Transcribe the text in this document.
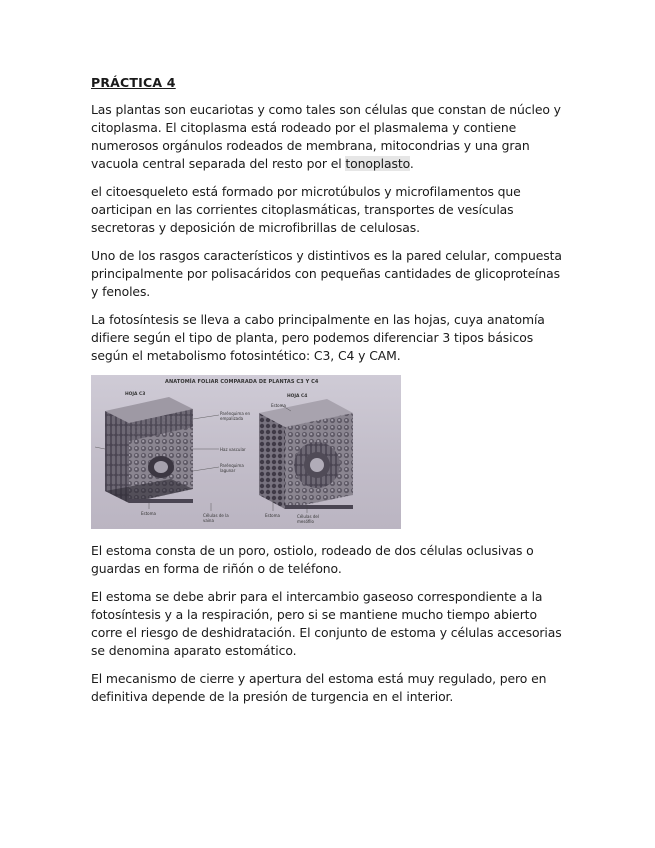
PRÁCTICA 4

Las plantas son eucariotas y como tales son células que constan de núcleo y citoplasma. El citoplasma está rodeado por el plasmalema y contiene numerosos orgánulos rodeados de membrana, mitocondrias y una gran vacuola central separada del resto por el tonoplasto.

el citoesqueleto está formado por microtúbulos y microfilamentos que oarticipan en las corrientes citoplasmáticas, transportes de vesículas secretoras y deposición de microfibrillas de celulosas.

Uno de los rasgos característicos y distintivos es la pared celular, compuesta principalmente por polisacáridos con pequeñas cantidades de glicoproteínas y fenoles.

La fotosíntesis se lleva a cabo principalmente en las hojas, cuya anatomía difiere según el tipo de planta, pero podemos diferenciar 3 tipos básicos según el metabolismo fotosintético: C3, C4 y CAM.

ANATOMÍA FOLIAR COMPARADA DE PLANTAS C3 Y C4
HOJA C3	HOJA C4
Parénquima en empalizada
Haz vascular
Parénquima lagunar
Estoma	Células de la vaina
Estoma
Estoma	Células del mesófilo

El estoma consta de un poro, ostiolo, rodeado de dos células oclusivas o guardas en forma de riñón o de teléfono.

El estoma se debe abrir para el intercambio gaseoso correspondiente a la fotosíntesis y a la respiración, pero si se mantiene mucho tiempo abierto corre el riesgo de deshidratación. El conjunto de estoma y células accesorias se denomina aparato estomático.

El mecanismo de cierre y apertura del estoma está muy regulado, pero en definitiva depende de la presión de turgencia en el interior.
